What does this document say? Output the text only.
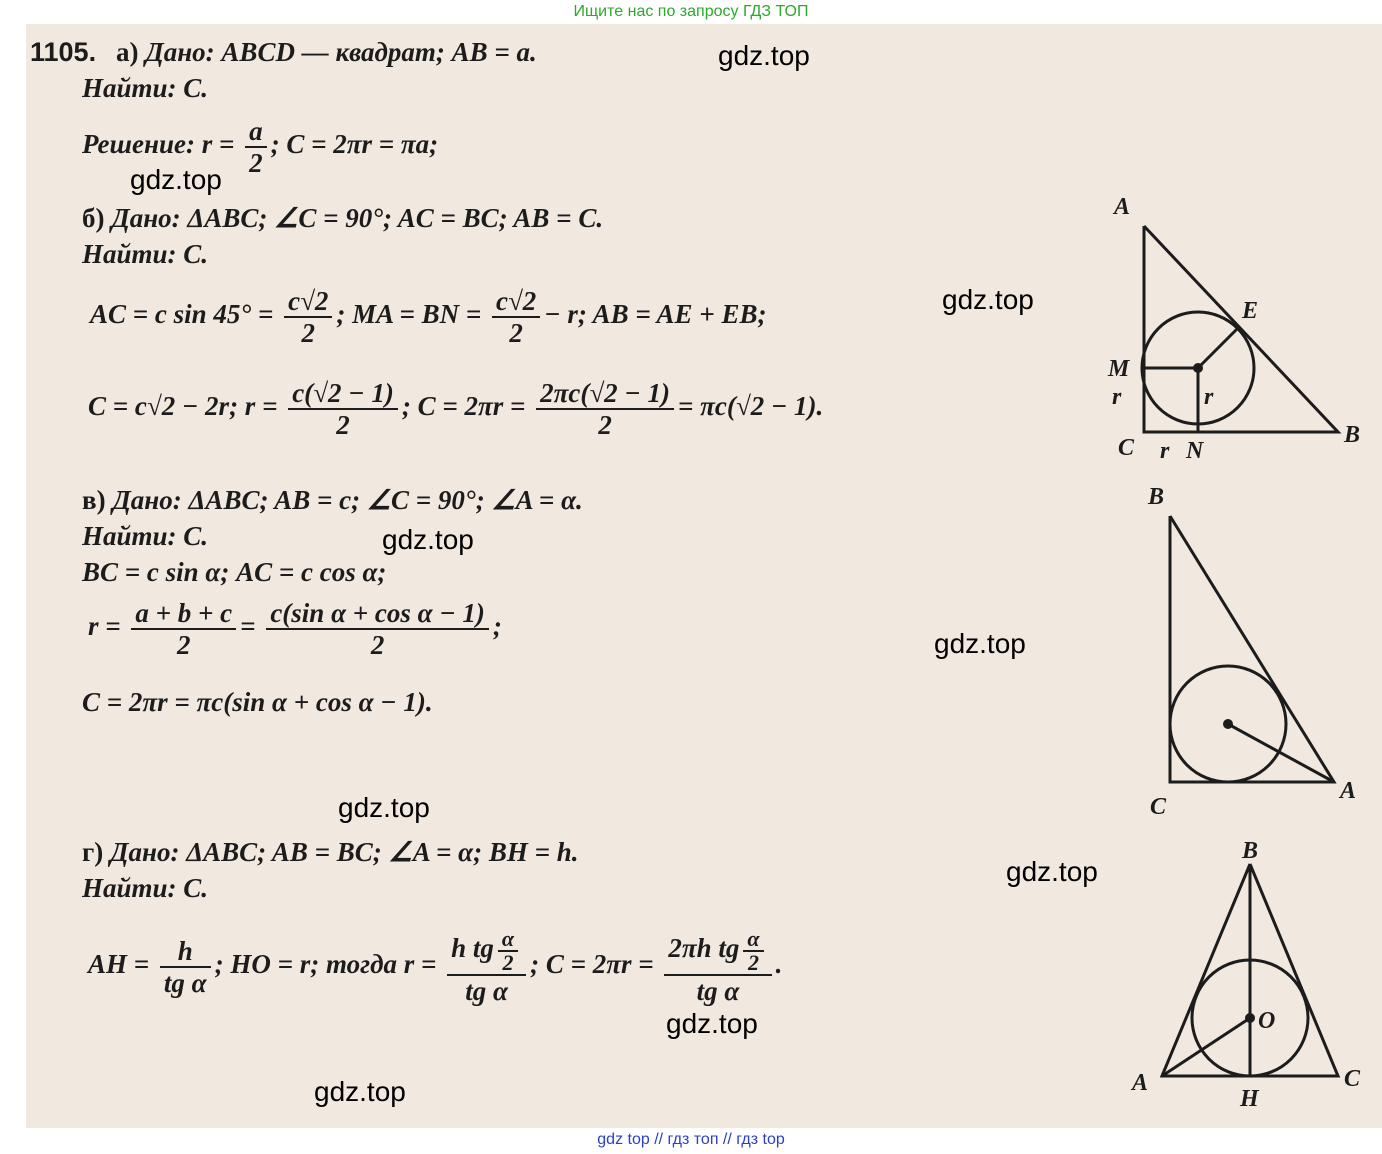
Ищите нас по запросу ГДЗ ТОП
1105. а) Дано: ABCD — квадрат; AB = a.
Найти: C.
Решение: $r = \frac{a}{2}$ ; C = 2πr = πa;
б) Дано: ΔABC; ∠C = 90°; AC = BC; AB = C.
Найти: C.
AC = c $\sin 45^\circ = \frac{c√2}{2}$ ; MA = BN = $\frac{c√2}{2} - r$; AB = AE + EB;
C = c√2 − 2r; $r = \frac{c(√2 - 1)}{2}$ ; $C = 2\pi r = \frac{2\pi c(√2 - 1)}{2} = \pi c(√2 - 1)$.
в) Дано: ΔABC; AB = c; ∠C = 90°; ∠A = α.
Найти: C.
BC = c sin α; AC = c cos α;
$r = \frac{a + b + c}{2} = \frac{\text{c(sin α + cos α − 1)}}{2}$ ;
C = 2πr = πc(sin α + cos α − 1).
г) Дано: ΔABC; AB = BC; ∠A = α; BH = h.
Найти: C.
AH = $\frac{h}{\text{tg α}}$ ; HO = r; тогда $r = \frac{h tg \frac{\alpha}{2}}{\text{tg α}}$ ; $C = 2\pi r = \frac{2\pi h tg \frac{\alpha}{2}}{\text{tg α}}$ .
A
B
C
E
M
N
r	r
r
B
C
A
B
A	C
H
O
gdz.top
gdz.top
gdz.top
gdz.top
gdz.top
gdz.top
gdz.top
gdz.top
gdz.top
gdz top // гдз топ // гдз top
